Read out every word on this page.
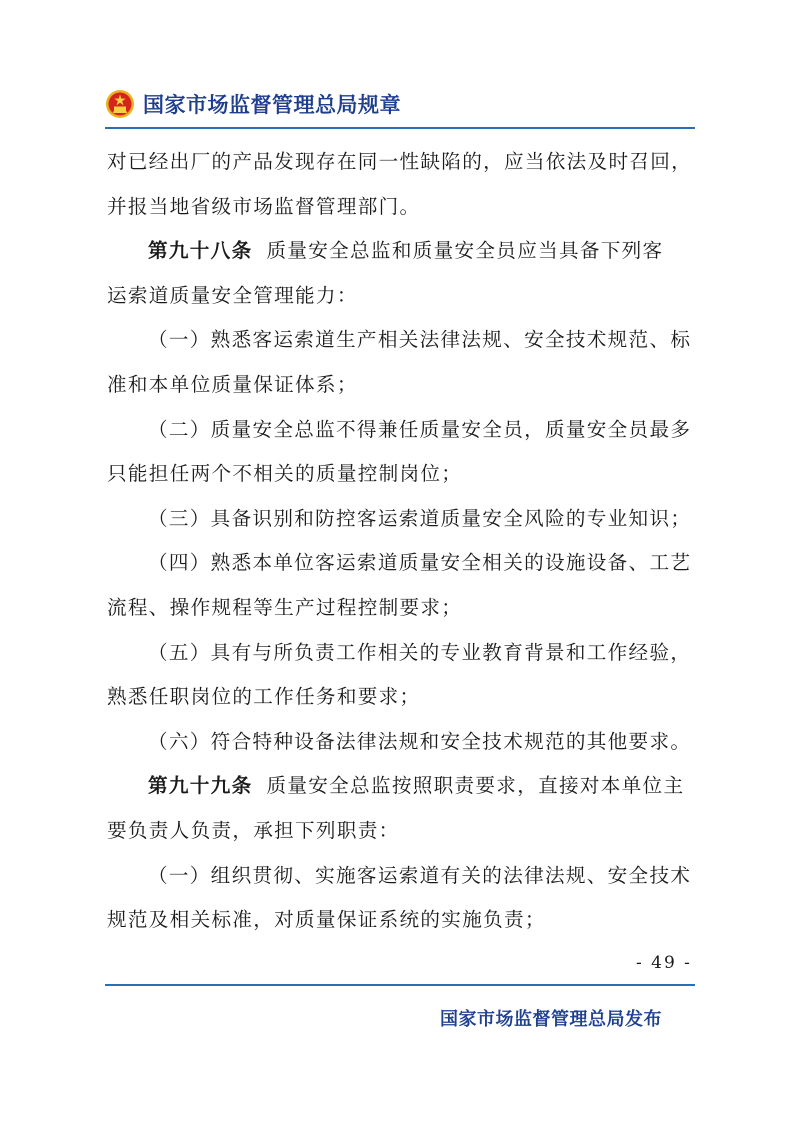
国家市场监督管理总局规章
对已经出厂的产品发现存在同一性缺陷的，应当依法及时召回，
并报当地省级市场监督管理部门。
第九十八条 质量安全总监和质量安全员应当具备下列客
运索道质量安全管理能力：
（一）熟悉客运索道生产相关法律法规、安全技术规范、标
准和本单位质量保证体系；
（二）质量安全总监不得兼任质量安全员，质量安全员最多
只能担任两个不相关的质量控制岗位；
（三）具备识别和防控客运索道质量安全风险的专业知识；
（四）熟悉本单位客运索道质量安全相关的设施设备、工艺
流程、操作规程等生产过程控制要求；
（五）具有与所负责工作相关的专业教育背景和工作经验，
熟悉任职岗位的工作任务和要求；
（六）符合特种设备法律法规和安全技术规范的其他要求。
第九十九条 质量安全总监按照职责要求，直接对本单位主
要负责人负责，承担下列职责：
（一）组织贯彻、实施客运索道有关的法律法规、安全技术
规范及相关标准，对质量保证系统的实施负责；
- 49 -
国家市场监督管理总局发布
